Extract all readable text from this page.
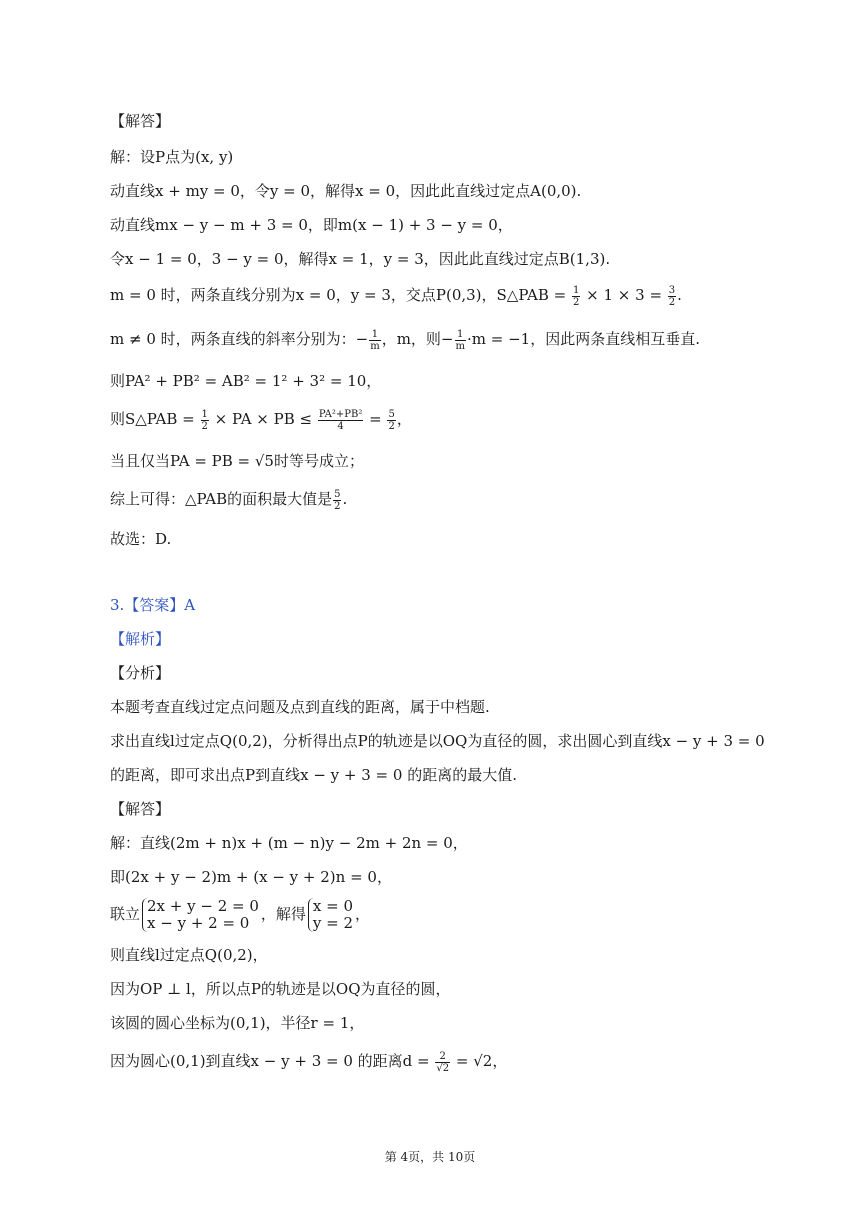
【解答】
解：设P点为(x, y)
动直线x + my = 0，令y = 0，解得x = 0，因此此直线过定点A(0,0).
动直线mx − y − m + 3 = 0，即m(x − 1) + 3 − y = 0，
令x − 1 = 0，3 − y = 0，解得x = 1，y = 3，因此此直线过定点B(1,3).
m = 0 时，两条直线分别为x = 0，y = 3，交点P(0,3)，S△PAB = $\frac{1}{2} \times 1 \times 3 = \frac{3}{2}$ .
m ≠ 0 时，两条直线的斜率分别为：− $\frac{1}{m}$ ，m，则− $\frac{1}{m} \cdot m = -1$，因此两条直线相互垂直.
则PA² + PB² = AB² = 1² + 3² = 10，
则S△PAB = $\frac{1}{2}$ × PA × PB ≤ $\frac{\text{PA²+PB²}}{4} = \frac{5}{2}$ ，
当且仅当PA = PB = √5时等号成立；
综上可得：△PAB的面积最大值是 $\frac{5}{2}$ .
故选：D.
3.【答案】A
【解析】
【分析】
本题考查直线过定点问题及点到直线的距离，属于中档题.
求出直线l过定点Q(0,2)，分析得出点P的轨迹是以OQ为直径的圆，求出圆心到直线x − y + 3 = 0
的距离，即可求出点P到直线x − y + 3 = 0 的距离的最大值.
【解答】
解：直线(2m + n)x + (m − n)y − 2m + 2n = 0，
即(2x + y − 2)m + (x − y + 2)n = 0，
联立 2x + y − 2 = 0
x − y + 2 = 0 ，解得 x = 0
y = 2 ，
则直线l过定点Q(0,2)，
因为OP ⊥ l，所以点P的轨迹是以OQ为直径的圆，
该圆的圆心坐标为(0,1)，半径r = 1，
因为圆心(0,1)到直线x − y + 3 = 0 的距离$d = \frac{2}{√2} = √2$，
第 4页，共 10页
